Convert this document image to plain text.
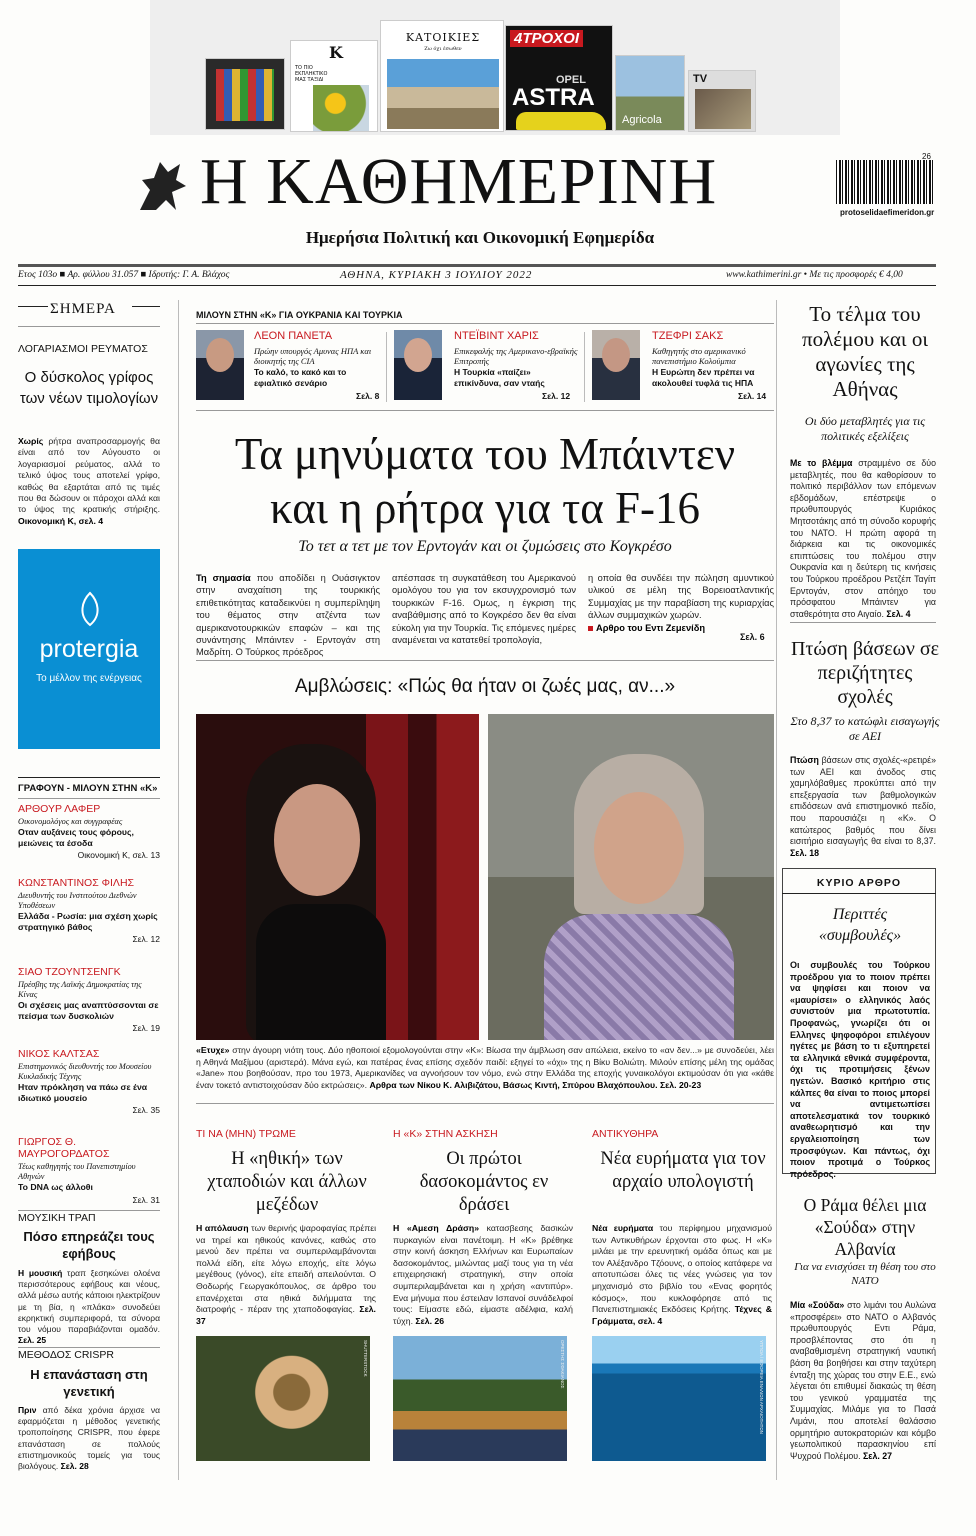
K
ΤΟ ΠΙΟ ΕΚΠΛΗΚΤΙΚΟ ΜΑΣ ΤΑΞΙΔΙ
ΚΑΤΟΙΚΙΕΣ
Ζω όχι έσωθεν
4ΤΡΟΧΟΙ
OPEL
ASTRA
Agricola
TV
Η ΚΑΘΗΜΕΡΙΝΗ
Ημερήσια Πολιτική και Οικονομική Εφημερίδα
26
protoselidaefimeridon.gr
Ετος 103ο ■ Αρ. φύλλου 31.057 ■ Ιδρυτής: Γ. Α. Βλάχος	ΑΘΗΝΑ, ΚΥΡΙΑΚΗ 3 ΙΟΥΛΙΟΥ 2022	www.kathimerini.gr • Με τις προσφορές € 4,00
ΣΗΜΕΡΑ
ΛΟΓΑΡΙΑΣΜΟΙ ΡΕΥΜΑΤΟΣ
Ο δύσκολος γρίφος των νέων τιμολογίων
Χωρίς ρήτρα αναπροσαρμογής θα είναι από τον Αύγουστο οι λογαριασμοί ρεύματος, αλλά το τελικό ύψος τους αποτελεί γρίφο, καθώς θα εξαρτάται από τις τιμές που θα δώσουν οι πάροχοι αλλά και το ύψος της κρατικής στήριξης. Οικονομική Κ, σελ. 4
protergia
Το μέλλον της ενέργειας
ΓΡΑΦΟΥΝ - ΜΙΛΟΥΝ ΣΤΗΝ «Κ»
ΑΡΘΟΥΡ ΛΑΦΕΡ
Οικονομολόγος και συγγραφέας
Οταν αυξάνεις τους φόρους, μειώνεις τα έσοδα
Οικονομική Κ, σελ. 13
ΚΩΝΣΤΑΝΤΙΝΟΣ ΦΙΛΗΣ
Διευθυντής του Ινστιτούτου Διεθνών Υποθέσεων
Ελλάδα - Ρωσία: μια σχέση χωρίς στρατηγικό βάθος
Σελ. 12
ΣΙΑΟ ΤΖΟΥΝΤΣΕΝΓΚ
Πρέσβης της Λαϊκής Δημοκρατίας της Κίνας
Οι σχέσεις μας αναπτύσσονται σε πείσμα των δυσκολιών
Σελ. 19
ΝΙΚΟΣ ΚΑΛΤΣΑΣ
Επιστημονικός διευθυντής του Μουσείου Κυκλαδικής Τέχνης
Ηταν πρόκληση να πάω σε ένα ιδιωτικό μουσείο
Σελ. 35
ΓΙΩΡΓΟΣ Θ. ΜΑΥΡΟΓΟΡΔΑΤΟΣ
Τέως καθηγητής του Πανεπιστημίου Αθηνών
Το DNA ως άλλοθι
Σελ. 31
ΜΟΥΣΙΚΗ ΤΡΑΠ
Πόσο επηρεάζει τους εφήβους
Η μουσική τραπ ξεσηκώνει ολοένα περισσότερους εφήβους και νέους, αλλά μέσω αυτής κάποιοι ηλεκτρίζουν με τη βία, η «πλάκα» συνοδεύει εκρηκτική συμπεριφορά, τα σύνορα του νόμου παραβιάζονται ομαδόν. Σελ. 25
ΜΕΘΟΔΟΣ CRISPR
Η επανάσταση στη γενετική
Πριν από δέκα χρόνια άρχισε να εφαρμόζεται η μέθοδος γενετικής τροποποίησης CRISPR, που έφερε επανάσταση σε πολλούς επιστημονικούς τομείς για τους βιολόγους. Σελ. 28
ΜΙΛΟΥΝ ΣΤΗΝ «Κ» ΓΙΑ ΟΥΚΡΑΝΙΑ ΚΑΙ ΤΟΥΡΚΙΑ
ΛΕΟΝ ΠΑΝΕΤΑ
Πρώην υπουργός Αμυνας ΗΠΑ και διοικητής της CIA
Το καλό, το κακό και το εφιαλτικό σενάριο
Σελ. 8
ΝΤΕΪΒΙΝΤ ΧΑΡΙΣ
Επικεφαλής της Αμερικανο-εβραϊκής Επιτροπής
Η Τουρκία «παίζει» επικίνδυνα, σαν νταής
Σελ. 12
ΤΖΕΦΡΙ ΣΑΚΣ
Καθηγητής στο αμερικανικό πανεπιστήμιο Κολούμπια
Η Ευρώπη δεν πρέπει να ακολουθεί τυφλά τις ΗΠΑ
Σελ. 14
Τα μηνύματα του Μπάιντεν
και η ρήτρα για τα F-16
Το τετ α τετ με τον Ερντογάν και οι ζυμώσεις στο Κογκρέσο
Τη σημασία που αποδίδει η Ουάσιγκτον στην αναχαίτιση της τουρκικής επιθετικότητας καταδεικνύει η συμπερίληψη του θέματος στην ατζέντα των αμερικανοτουρκικών επαφών – και της συνάντησης Μπάιντεν - Ερντογάν στη Μαδρίτη. Ο Τούρκος πρόεδρος
απέσπασε τη συγκατάθεση του Αμερικανού ομολόγου του για τον εκσυγχρονισμό των τουρκικών F-16. Ομως, η έγκριση της αναβάθμισης από το Κογκρέσο δεν θα είναι εύκολη για την Τουρκία. Τις επόμενες ημέρες αναμένεται να κατατεθεί τροπολογία,
η οποία θα συνδέει την πώληση αμυντικού υλικού σε μέλη της Βορειοατλαντικής Συμμαχίας με την παραβίαση της κυριαρχίας άλλων συμμαχικών χωρών.
Αρθρο του Εντι Ζεμενίδη
Σελ. 6
Αμβλώσεις: «Πώς θα ήταν οι ζωές μας, αν...»
«Ετυχε» στην άγουρη νιότη τους. Δύο ηθοποιοί εξομολογούνται στην «Κ»: Βίωσα την άμβλωση σαν απώλεια, εκείνο το «αν δεν...» με συνοδεύει, λέει η Αθηνά Μαξίμου (αριστερά). Μάνα εγώ, και πατέρας ένας επίσης σχεδόν παιδί: εξηγεί το «όχι» της η Βίκυ Βολιώτη. Μιλούν επίσης μέλη της ομάδας «Jane» που βοηθούσαν, προ του 1973, Αμερικανίδες να αγνοήσουν τον νόμο, ενώ στην Ελλάδα της εποχής γυναικολόγοι εκτιμούσαν ότι για «κάθε έναν τοκετό αντιστοιχούσαν δύο εκτρώσεις». Αρθρα των Νίκου Κ. Αλιβιζάτου, Βάσως Κιντή, Σπύρου Βλαχόπουλου. Σελ. 20-23
ΤΙ ΝΑ (ΜΗΝ) ΤΡΩΜΕ
Η «ηθική» των χταποδιών και άλλων μεζέδων
Η απόλαυση των θερινής ψαροφαγίας πρέπει να τηρεί και ηθικούς κανόνες, καθώς στο μενού δεν πρέπει να συμπεριλαμβάνονται πολλά είδη, είτε λόγω εποχής, είτε λόγω μεγέθους (γόνος), είτε επειδή απειλούνται. Ο Θοδωρής Γεωργακόπουλος, σε άρθρο του επανέρχεται στα ηθικά διλήμματα της διατροφής - πέραν της χταποδοφαγίας. Σελ. 37
SHUTTERSTOCK
Η «Κ» ΣΤΗΝ ΑΣΚΗΣΗ
Οι πρώτοι δασοκομάντος εν δράσει
Η «Αμεση Δράση» κατασβεσης δασικών πυρκαγιών είναι πανέτοιμη. Η «Κ» βρέθηκε στην κοινή άσκηση Ελλήνων και Ευρωπαίων δασοκομάντος, μιλώντας μαζί τους για τη νέα επιχειρησιακή στρατηγική, στην οποία συμπεριλαμβάνεται και η χρήση «αντιπύρ». Ενα μήνυμα που έστειλαν Ισπανοί συνάδελφοί τους: Είμαστε εδώ, είμαστε αδέλφια, καλή τύχη. Σελ. 26
ΟΡΕΣΤΗΣ ΣΦΑΚΙΑΝΟΣ
ΑΝΤΙΚΥΘΗΡΑ
Νέα ευρήματα για τον αρχαίο υπολογιστή
Νέα ευρήματα του περίφημου μηχανισμού των Αντικυθήρων έρχονται στο φως. Η «Κ» μιλάει με την ερευνητική ομάδα όπως και με τον Αλέξανδρο Τζόουνς, ο οποίος κατάφερε να αποτυπώσει όλες τις νέες γνώσεις για τον μηχανισμό στο βιβλίο του «Ενας φορητός κόσμος», που κυκλοφόρησε από τις Πανεπιστημιακές Εκδόσεις Κρήτης. Τέχνες & Γράμματα, σελ. 4
ΥΠΠΟΑ / ΕΦΟΡΕΙΑ ΕΝΑΛΙΩΝ ΑΡΧΑΙΟΤΗΤΩΝ
Το τέλμα του πολέμου και οι αγωνίες της Αθήνας
Οι δύο μεταβλητές για τις πολιτικές εξελίξεις
Με το βλέμμα στραμμένο σε δύο μεταβλητές, που θα καθορίσουν το πολιτικό περιβάλλον των επόμενων εβδομάδων, επέστρεψε ο πρωθυπουργός Κυριάκος Μητσοτάκης από τη σύνοδο κορυφής του ΝΑΤΟ. Η πρώτη αφορά τη διάρκεια και τις οικονομικές επιπτώσεις του πολέμου στην Ουκρανία και η δεύτερη τις κινήσεις του Τούρκου προέδρου Ρετζέπ Ταγίπ Ερντογάν, στον απόηχο του πρόσφατου Μπάιντεν για σταθερότητα στο Αιγαίο. Σελ. 4
Πτώση βάσεων σε περιζήτητες σχολές
Στο 8,37 το κατώφλι εισαγωγής σε ΑΕΙ
Πτώση βάσεων στις σχολές-«ρετιρέ» των ΑΕΙ και άνοδος στις χαμηλόβαθμες προκύπτει από την επεξεργασία των βαθμολογικών επιδόσεων ανά επιστημονικό πεδίο, που παρουσιάζει η «Κ». Ο κατώτερος βαθμός που δίνει εισιτήριο εισαγωγής θα είναι το 8,37. Σελ. 18
ΚΥΡΙΟ ΑΡΘΡΟ
Περιττές «συμβουλές»
Οι συμβουλές του Τούρκου προέδρου για το ποιον πρέπει να ψηφίσει και ποιον να «μαυρίσει» ο ελληνικός λαός συνιστούν μια πρωτοτυπία. Προφανώς, γνωρίζει ότι οι Ελληνες ψηφοφόροι επιλέγουν ηγέτες με βάση το τι εξυπηρετεί τα ελληνικά εθνικά συμφέροντα, όχι τις προτιμήσεις ξένων ηγετών. Βασικό κριτήριο στις κάλπες θα είναι το ποιος μπορεί να αντιμετωπίσει αποτελεσματικά τον τουρκικό αναθεωρητισμό και την εργαλειοποίηση των προσφύγων. Και πάντως, όχι ποιον προτιμά ο Τούρκος πρόεδρος.
Ο Ράμα θέλει μια «Σούδα» στην Αλβανία
Για να ενισχύσει τη θέση του στο ΝΑΤΟ
Μία «Σούδα» στο λιμάνι του Αυλώνα «προσφέρει» στο ΝΑΤΟ ο Αλβανός πρωθυπουργός Εντι Ράμα, προσβλέποντας στο ότι η αναβαθμισμένη στρατηγική ναυτική βάση θα βοηθήσει και στην ταχύτερη ένταξη της χώρας του στην Ε.Ε., ενώ λέγεται ότι επιθυμεί διακαώς τη θέση του γενικού γραμματέα της Συμμαχίας. Μιλάμε για το Πασά Λιμάνι, που αποτελεί θαλάσσιο ορμητήριο αυτοκρατοριών και κόμβο γεωπολιτικού παρασκηνίου επί Ψυχρού Πολέμου. Σελ. 27
